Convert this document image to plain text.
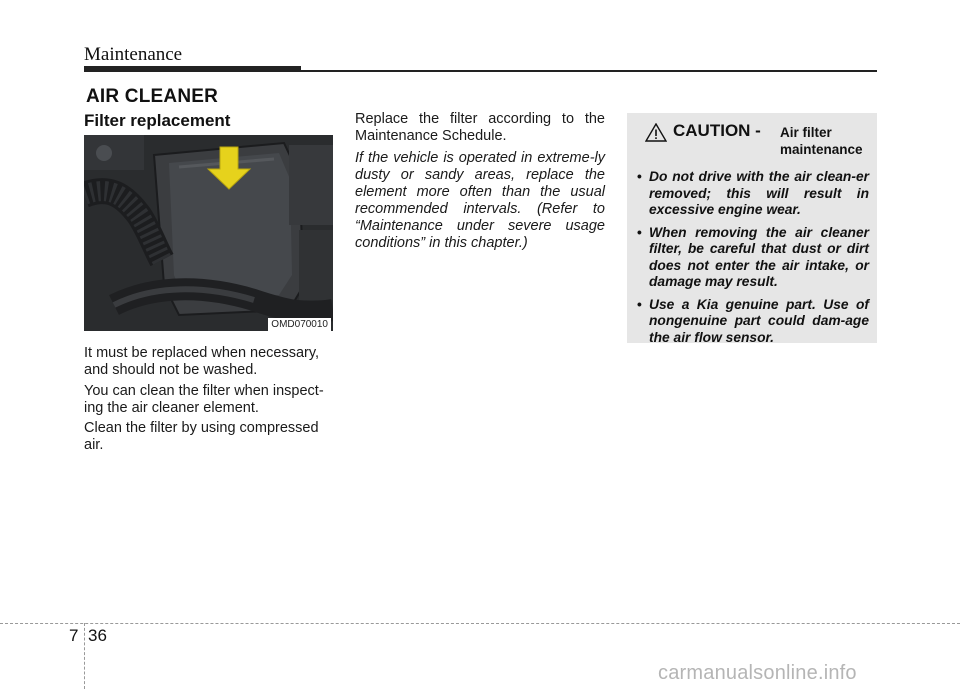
Maintenance
AIR CLEANER
Filter replacement
OMD070010
It must be replaced when necessary, and should not be washed.
You can clean the filter when inspect-ing the air cleaner element.
Clean the filter by using compressed air.
Replace the filter according to the Maintenance Schedule.
If the vehicle is operated in extreme-ly dusty or sandy areas, replace the element more often than the usual recommended intervals. (Refer to “Maintenance under severe usage conditions” in this chapter.)
CAUTION - Air filter maintenance
• Do not drive with the air clean-er removed; this will result in excessive engine wear.
• When removing the air cleaner filter, be careful that dust or dirt does not enter the air intake, or damage may result.
• Use a Kia genuine part. Use of nongenuine part could dam-age the air flow sensor.
7 36
carmanualsonline.info
